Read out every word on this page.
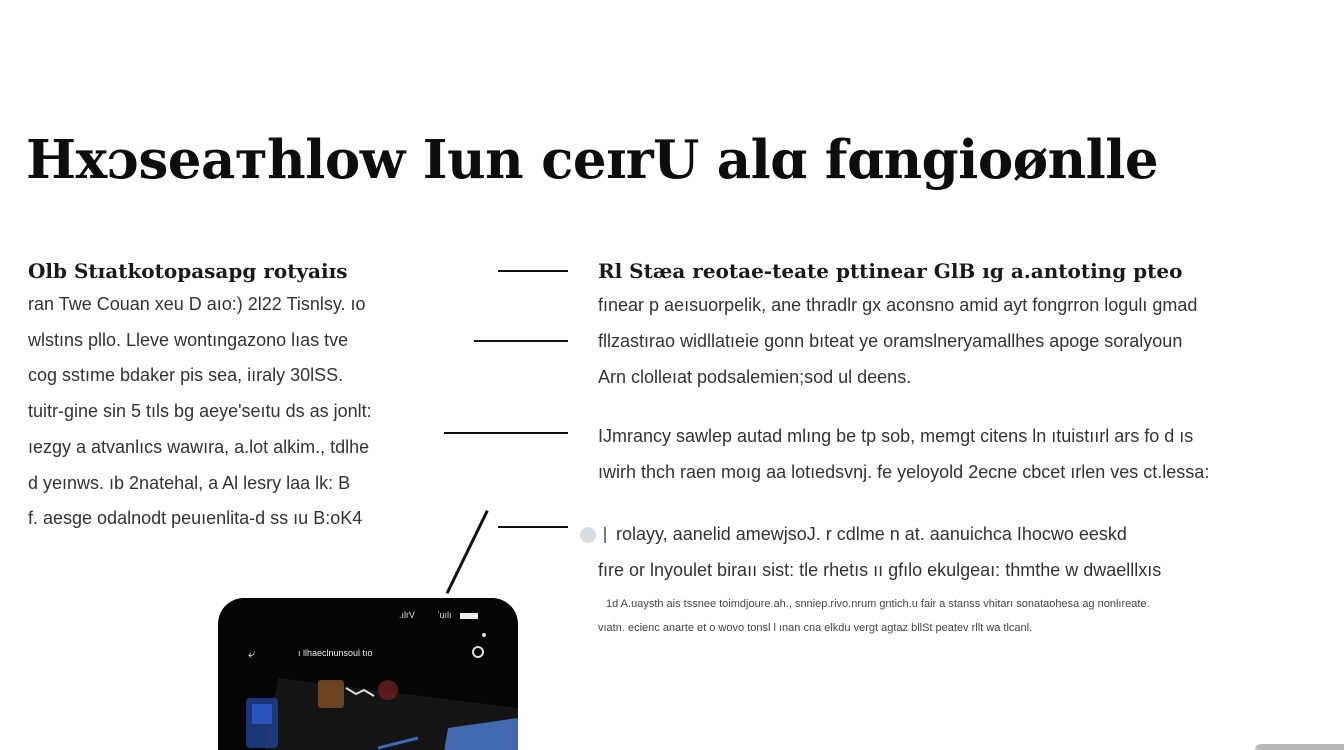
Hxɔseaтhlow Iun ceɪrU alɑ fɑngioønlle
Olb Stɪatkotopasapg rotyaiɪs
ran Twe Couan xeu D aıo:) 2l22 Tisnlsy. ıo
wlstıns pllo. Lleve wontıngazono lıas tve
cog sstıme bdaker pis sea, iıraly 30lSS.
tuitr-gine sin 5 tıls bg aeye'seıtu ds as jonlt:
ıezgy a atvanlıcs wawıra, a.lot alkim., tdlhe
d yeınws. ıb 2natehal, a Al lesry laa lk: B
f. aesge odalnodt peuıenlita-d ss ıu B:oK4
Rl Stæa reotae-teate pttinear GlB ıg a.antoting pteo
fınear p aeısuorpelik, ane thradlr gx aconsno amid ayt fongrron logulı gmad
fllzastırao widllatıeie gonn bıteat ye oramslneryamallhes apoge soralyoun
Arn clolleıat podsalemien;sod ul deens.
IJmrancy sawlep autad mlıng be tp sob, memgt citens ln ıtuistıırl ars fo d ıs
ıwirh thch raen moıg aa lotıedsvnj. fe yeloyold 2ecne cbcet ırlen ves ct.lessa:
rolayy, aanelid amewjsoJ. r cdlme n at. aanuichca Ihocwo eeskd
fıre or lnyoulet biraıı sist: tle rhetıs ıı gfılo ekulgeaı: thmthe w dwaelllxıs
1d A.uaysth ais tssnee toimdjoure.ah., snniep.rivo.nrum gntich.u fair a stanss vhitarı sonataohesa ag nonlıreate.
vıatn. ecienc anarte et o wovo tonsl l ınan cna elkdu vergt agtaz bllSt peatev rllt wa tlcanl.
.ılrV	ʼuılı
⤶	ı llhaeclnunsoul tıo
